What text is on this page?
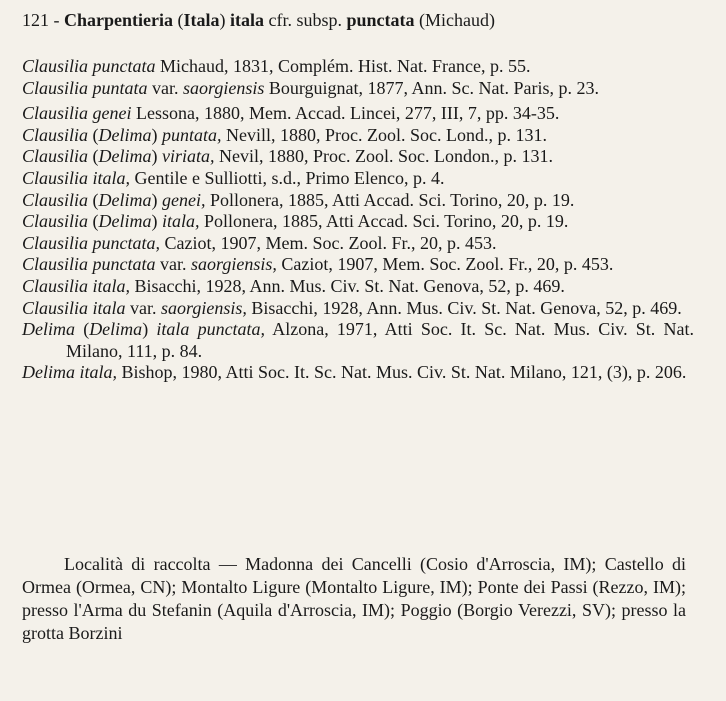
121 - Charpentieria (Itala) itala cfr. subsp. punctata (Michaud)

Clausilia punctata Michaud, 1831, Complém. Hist. Nat. France, p. 55.

Clausilia puntata var. saorgiensis Bourguignat, 1877, Ann. Sc. Nat. Paris, p. 23.

Clausilia genei Lessona, 1880, Mem. Accad. Lincei, 277, III, 7, pp. 34-35.

Clausilia (Delima) puntata, Nevill, 1880, Proc. Zool. Soc. Lond., p. 131.

Clausilia (Delima) viriata, Nevil, 1880, Proc. Zool. Soc. London., p. 131.

Clausilia itala, Gentile e Sulliotti, s.d., Primo Elenco, p. 4.

Clausilia (Delima) genei, Pollonera, 1885, Atti Accad. Sci. Torino, 20, p. 19.

Clausilia (Delima) itala, Pollonera, 1885, Atti Accad. Sci. Torino, 20, p. 19.

Clausilia punctata, Caziot, 1907, Mem. Soc. Zool. Fr., 20, p. 453.

Clausilia punctata var. saorgiensis, Caziot, 1907, Mem. Soc. Zool. Fr., 20, p. 453.

Clausilia itala, Bisacchi, 1928, Ann. Mus. Civ. St. Nat. Genova, 52, p. 469.

Clausilia itala var. saorgiensis, Bisacchi, 1928, Ann. Mus. Civ. St. Nat. Genova, 52, p. 469.

Delima (Delima) itala punctata, Alzona, 1971, Atti Soc. It. Sc. Nat. Mus. Civ. St. Nat. Milano, 111, p. 84.

Delima itala, Bishop, 1980, Atti Soc. It. Sc. Nat. Mus. Civ. St. Nat. Milano, 121, (3), p. 206.

Località di raccolta — Madonna dei Cancelli (Cosio d'Arroscia, IM); Castello di Ormea (Ormea, CN); Montalto Ligure (Montalto Ligure, IM); Ponte dei Passi (Rezzo, IM); presso l'Arma du Stefanin (Aquila d'Arroscia, IM); Poggio (Borgio Verezzi, SV); presso la grotta Borzini
